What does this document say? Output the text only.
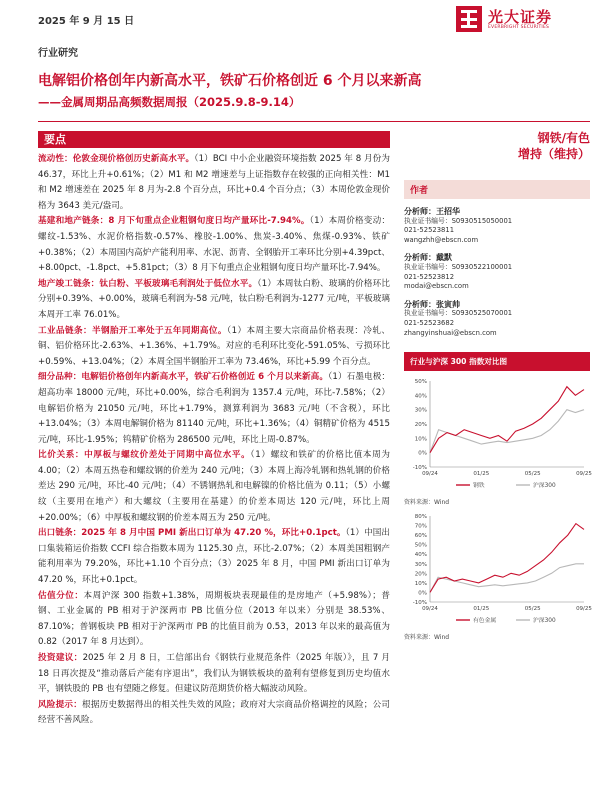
2025 年 9 月 15 日	光大证券
EVERBRIGHT SECURITIES
行业研究
电解铝价格创年内新高水平，铁矿石价格创近 6 个月以来新高
——金属周期品高频数据周报（2025.9.8-9.14）
要点

流动性：伦敦金现价格创历史新高水平。（1）BCI 中小企业融资环境指数 2025 年 8 月份为 46.37，环比上升+0.61%；（2）M1 和 M2 增速差与上证指数存在较强的正向相关性：M1 和 M2 增速差在 2025 年 8 月为-2.8 个百分点，环比+0.4 个百分点；（3）本周伦敦金现价格为 3643 美元/盎司。

基建和地产链条：8 月下旬重点企业粗钢旬度日均产量环比-7.94%。（1）本周价格变动：螺纹-1.53%、水泥价格指数-0.57%、橡胶-1.00%、焦炭-3.40%、焦煤-0.93%、铁矿+0.38%；（2）本周国内高炉产能利用率、水泥、沥青、全钢胎开工率环比分别+4.39pct、+8.00pct、-1.8pct、+5.81pct；（3）8 月下旬重点企业粗钢旬度日均产量环比-7.94%。

地产竣工链条：钛白粉、平板玻璃毛利润处于低位水平。（1）本周钛白粉、玻璃的价格环比分别+0.39%、+0.00%，玻璃毛利润为-58 元/吨，钛白粉毛利润为-1277 元/吨，平板玻璃本周开工率 76.01%。

工业品链条：半钢胎开工率处于五年同期高位。（1）本周主要大宗商品价格表现：冷轧、铜、铝价格环比-2.63%、+1.36%、+1.79%。对应的毛利环比变化-591.05%、亏损环比+0.59%、+13.04%；（2）本周全国半钢胎开工率为 73.46%，环比+5.99 个百分点。

细分品种：电解铝价格创年内新高水平，铁矿石价格创近 6 个月以来新高。（1）石墨电极：超高功率 18000 元/吨，环比+0.00%，综合毛利润为 1357.4 元/吨，环比-7.58%；（2）电解铝价格为 21050 元/吨，环比+1.79%，测算利润为 3683 元/吨（不含税），环比+13.04%；（3）本周电解铜价格为 81140 元/吨，环比+1.36%；（4）铜精矿价格为 4515 元/吨，环比-1.95%；钨精矿价格为 286500 元/吨，环比上周-0.87%。

比价关系：中厚板与螺纹价差处于同期中高位水平。（1）螺纹和铁矿的价格比值本周为 4.00；（2）本周五热卷和螺纹钢的价差为 240 元/吨；（3）本周上海冷轧钢和热轧钢的价格差达 290 元/吨，环比-40 元/吨；（4）不锈钢热轧和电解镍的价格比值为 0.11；（5）小螺纹（主要用在地产）和大螺纹（主要用在基建）的价差本周达 120 元/吨，环比上周+20.00%；（6）中厚板和螺纹钢的价差本周五为 250 元/吨。

出口链条：2025 年 8 月中国 PMI 新出口订单为 47.20 %，环比+0.1pct。（1）中国出口集装箱运价指数 CCFI 综合指数本周为 1125.30 点，环比-2.07%；（2）本周美国粗钢产能利用率为 79.20%，环比+1.10 个百分点；（3）2025 年 8 月，中国 PMI 新出口订单为 47.20 %，环比+0.1pct。

估值分位：本周沪深 300 指数+1.38%，周期板块表现最佳的是房地产（+5.98%）；普钢、工业金属的 PB 相对于沪深两市 PB 比值分位（2013 年以来）分别是 38.53%、87.10%；普钢板块 PB 相对于沪深两市 PB 的比值目前为 0.53，2013 年以来的最高值为 0.82（2017 年 8 月达到）。

投资建议：2025 年 2 月 8 日，工信部出台《钢铁行业规范条件（2025 年版）》，且 7 月 18 日再次提及“推动落后产能有序退出”，我们认为钢铁板块的盈利有望修复到历史均值水平，钢铁股的 PB 也有望随之修复。但建议防范期货价格大幅波动风险。

风险提示：根据历史数据得出的相关性失效的风险；政府对大宗商品价格调控的风险；公司经营不善风险。

钢铁/有色
增持（维持）
作者
分析师：王招华
执业证书编号：S0930515050001
021-52523811
wangzhh@ebscn.com
分析师：戴默
执业证书编号：S0930522100001
021-52523812
modai@ebscn.com
分析师：张寅帅
执业证书编号：S0930525070001
021-52523682
zhangyinshuai@ebscn.com
行业与沪深 300 指数对比图
-10%
0%
10%
20%
30%
40%
50%
09/24	01/25	05/25	09/25
钢铁	沪深300
资料来源：Wind
-10%
0%
10%
20%
30%
40%
50%
60%
70%
80%
09/24	01/25	05/25	09/25
有色金属	沪深300
资料来源：Wind
